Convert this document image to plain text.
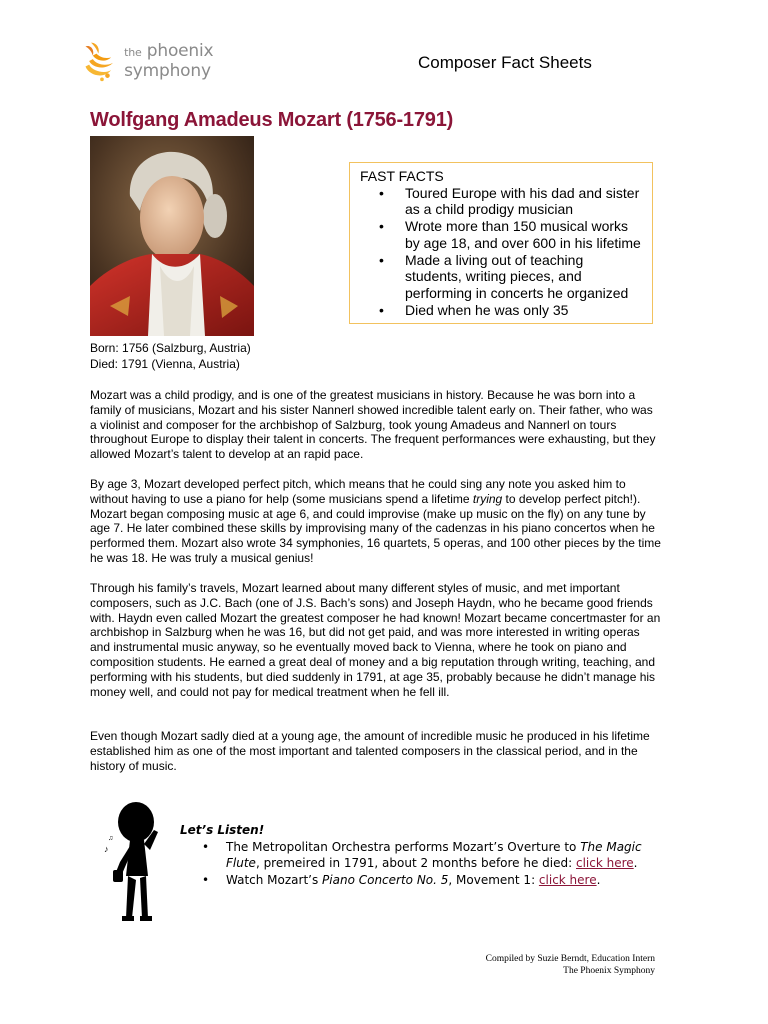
the phoenix symphony	Composer Fact Sheets
Wolfgang Amadeus Mozart (1756-1791)
FAST FACTS
• Toured Europe with his dad and sister as a child prodigy musician
• Wrote more than 150 musical works by age 18, and over 600 in his lifetime
• Made a living out of teaching students, writing pieces, and performing in concerts he organized
• Died when he was only 35
Born: 1756 (Salzburg, Austria)
Died: 1791 (Vienna, Austria)

Mozart was a child prodigy, and is one of the greatest musicians in history. Because he was born into a family of musicians, Mozart and his sister Nannerl showed incredible talent early on. Their father, who was a violinist and composer for the archbishop of Salzburg, took young Amadeus and Nannerl on tours throughout Europe to display their talent in concerts. The frequent performances were exhausting, but they allowed Mozart’s talent to develop at an rapid pace.

By age 3, Mozart developed perfect pitch, which means that he could sing any note you asked him to without having to use a piano for help (some musicians spend a lifetime trying to develop perfect pitch!). Mozart began composing music at age 6, and could improvise (make up music on the fly) on any tune by age 7. He later combined these skills by improvising many of the cadenzas in his piano concertos when he performed them. Mozart also wrote 34 symphonies, 16 quartets, 5 operas, and 100 other pieces by the time he was 18. He was truly a musical genius!

Through his family’s travels, Mozart learned about many different styles of music, and met important composers, such as J.C. Bach (one of J.S. Bach’s sons) and Joseph Haydn, who he became good friends with. Haydn even called Mozart the greatest composer he had known! Mozart became concertmaster for an archbishop in Salzburg when he was 16, but did not get paid, and was more interested in writing operas and instrumental music anyway, so he eventually moved back to Vienna, where he took on piano and composition students. He earned a great deal of money and a big reputation through writing, teaching, and performing with his students, but died suddenly in 1791, at age 35, probably because he didn’t manage his money well, and could not pay for medical treatment when he fell ill.

Even though Mozart sadly died at a young age, the amount of incredible music he produced in his lifetime established him as one of the most important and talented composers in the classical period, and in the history of music.

♪
♫
Let’s Listen!
• The Metropolitan Orchestra performs Mozart’s Overture to The Magic Flute, premeired in 1791, about 2 months before he died: click here.
• Watch Mozart’s Piano Concerto No. 5, Movement 1: click here.
Compiled by Suzie Berndt, Education Intern
The Phoenix Symphony
